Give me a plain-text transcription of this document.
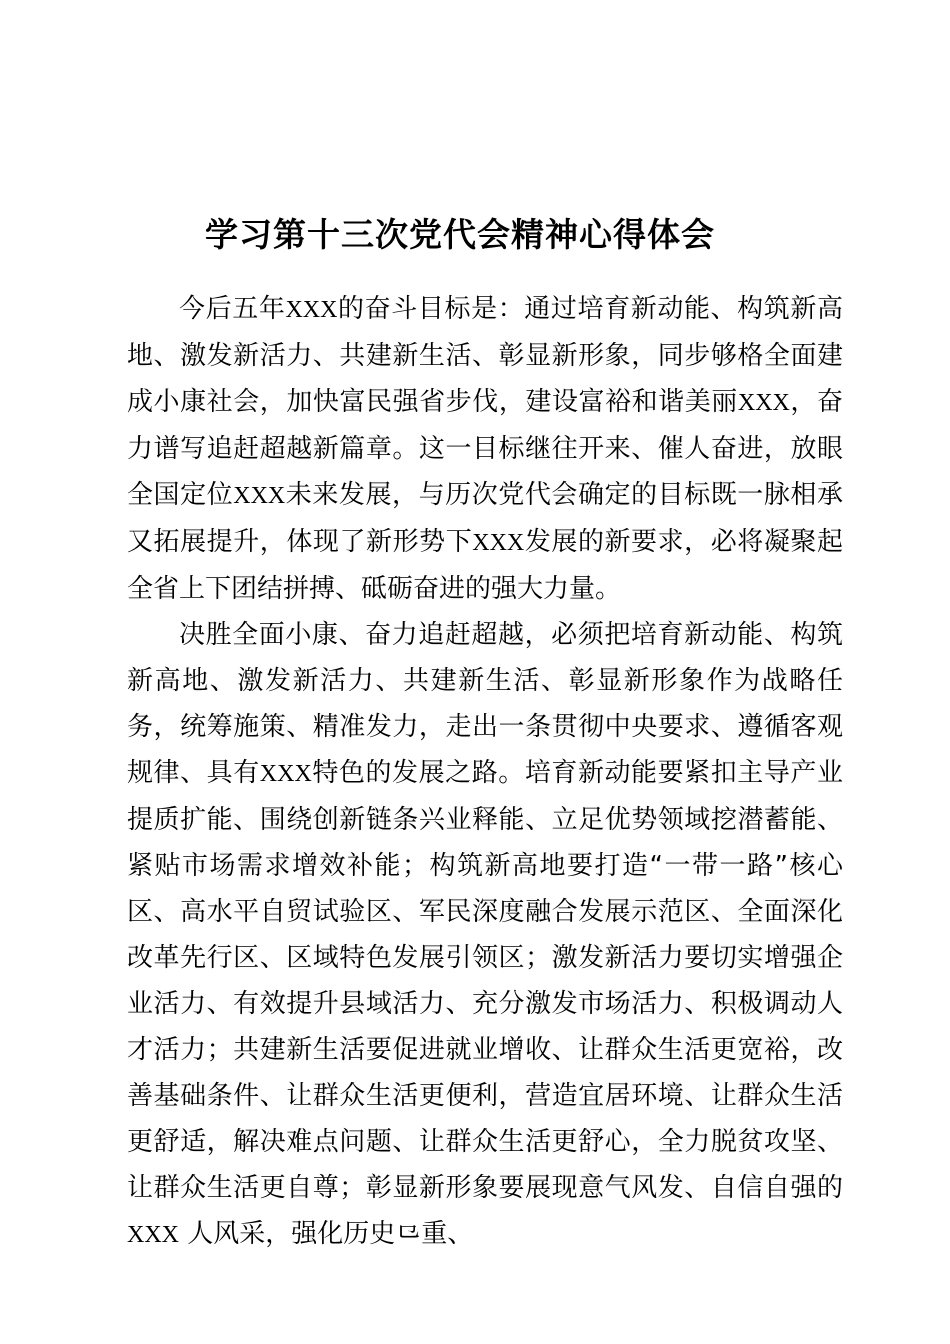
学习第十三次党代会精神心得体会

今后五年XXX的奋斗目标是：通过培育新动能、构筑新高地、激发新活力、共建新生活、彰显新形象，同步够格全面建成小康社会，加快富民强省步伐，建设富裕和谐美丽XXX，奋力谱写追赶超越新篇章。这一目标继往开来、催人奋进，放眼全国定位XXX未来发展，与历次党代会确定的目标既一脉相承又拓展提升，体现了新形势下XXX发展的新要求，必将凝聚起全省上下团结拼搏、砥砺奋进的强大力量。

决胜全面小康、奋力追赶超越，必须把培育新动能、构筑新高地、激发新活力、共建新生活、彰显新形象作为战略任务，统筹施策、精准发力，走出一条贯彻中央要求、遵循客观规律、具有XXX特色的发展之路。培育新动能要紧扣主导产业提质扩能、围绕创新链条兴业释能、立足优势领域挖潜蓄能、紧贴市场需求增效补能；构筑新高地要打造“一带一路”核心区、高水平自贸试验区、军民深度融合发展示范区、全面深化改革先行区、区域特色发展引领区；激发新活力要切实增强企业活力、有效提升县域活力、充分激发市场活力、积极调动人才活力；共建新生活要促进就业增收、让群众生活更宽裕，改善基础条件、让群众生活更便利，营造宜居环境、让群众生活更舒适，解决难点问题、让群众生活更舒心，全力脱贫攻坚、让群众生活更自尊；彰显新形象要展现意气风发、自信自强的XXX 人风采，强化历史⺋重、
